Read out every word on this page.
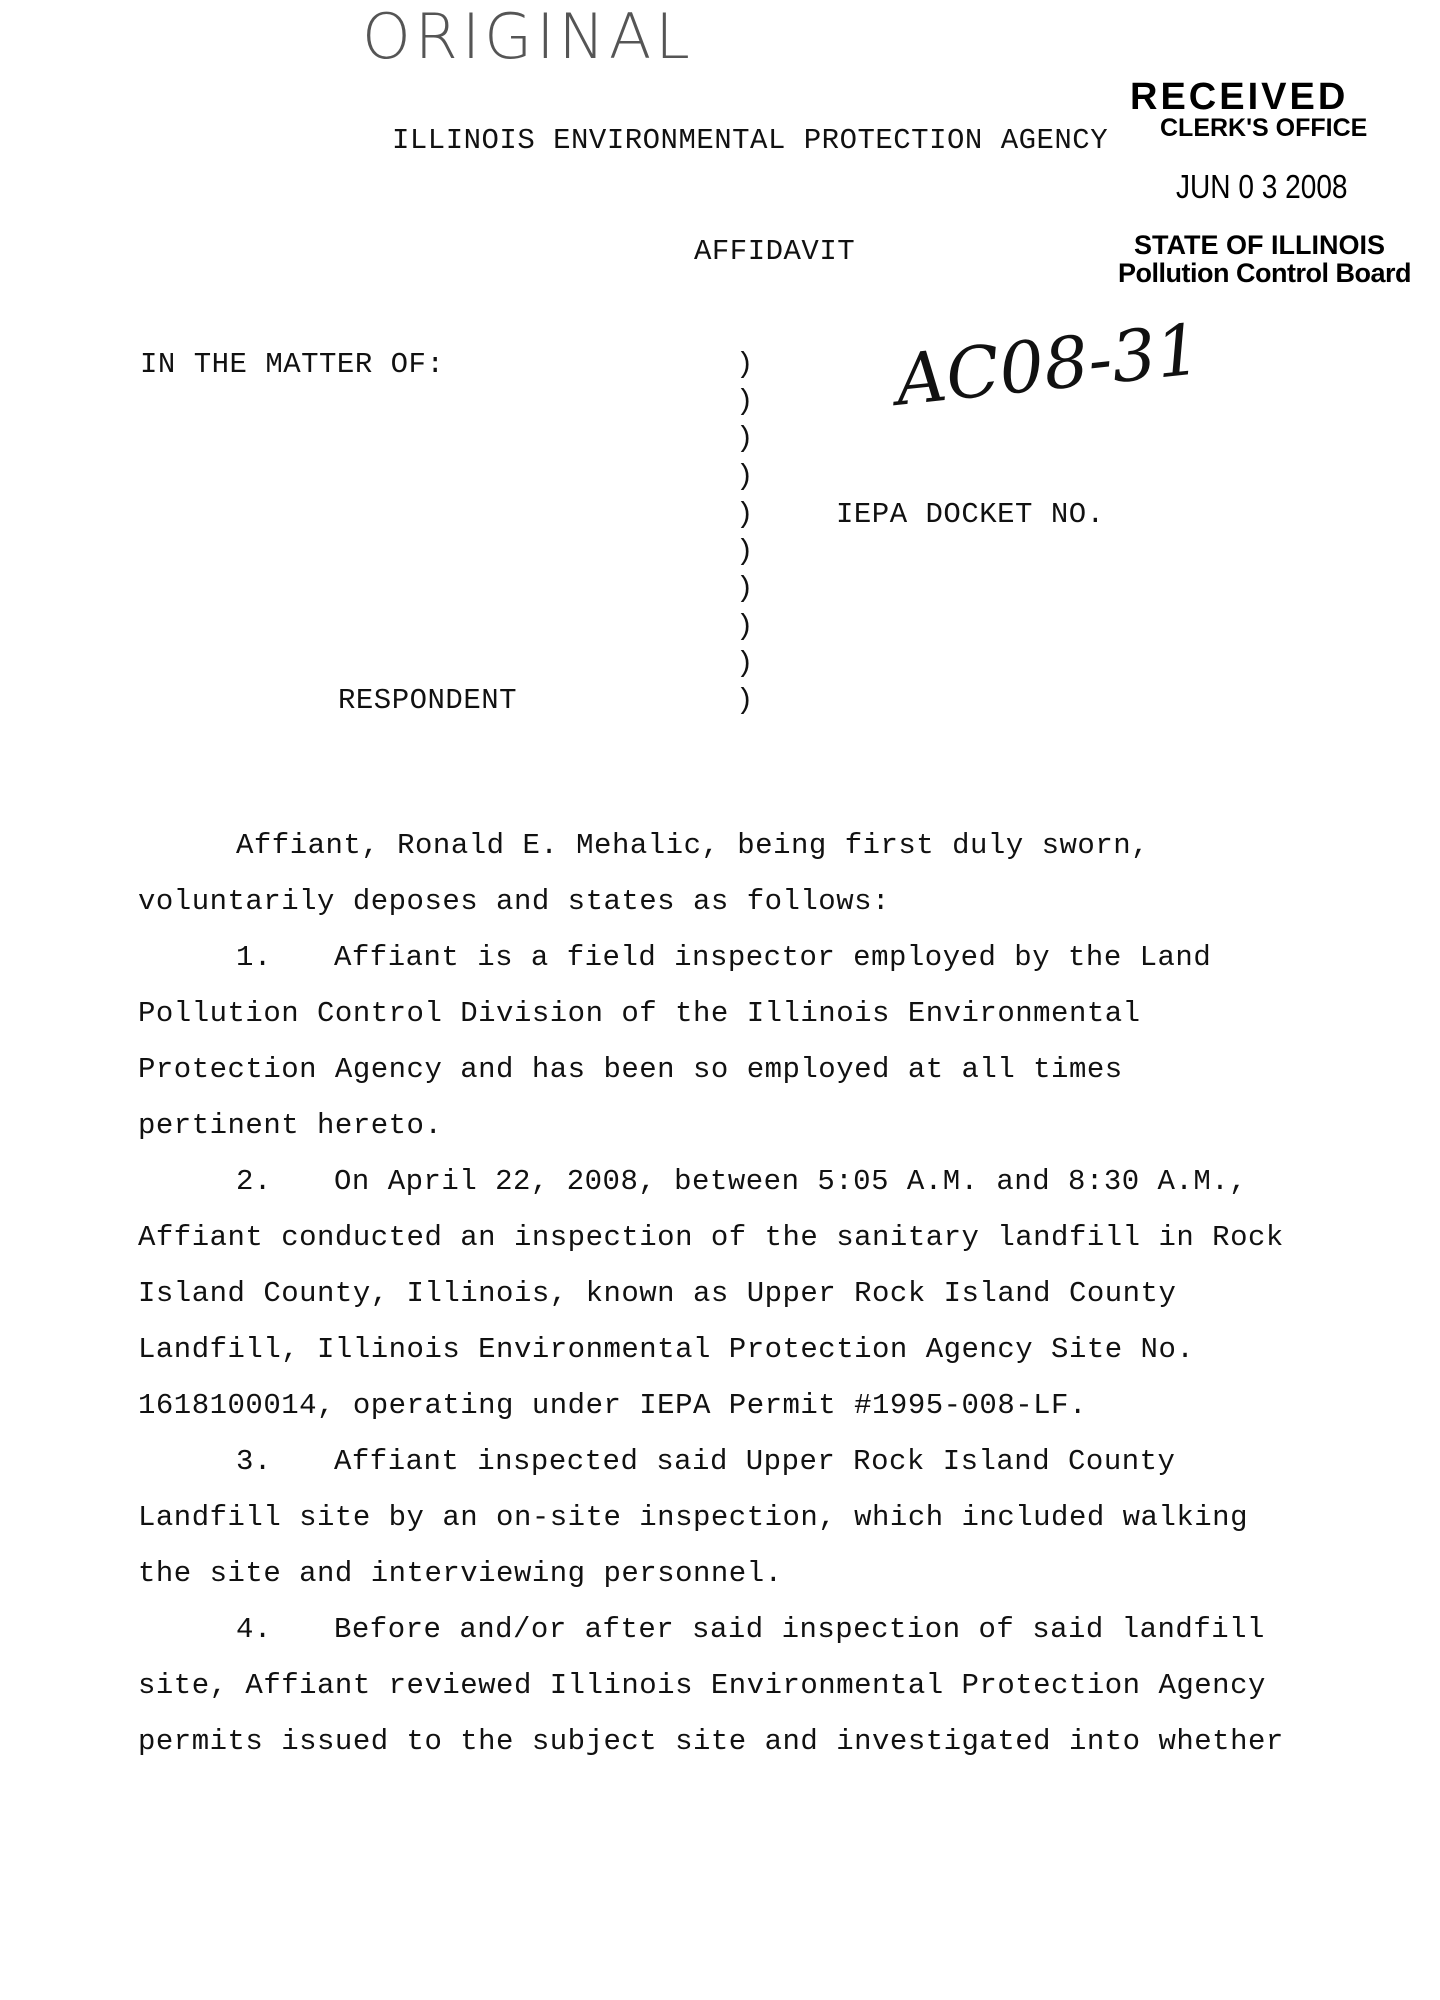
ORIGINAL
RECEIVED
CLERK'S OFFICE
JUN 0 3 2008
STATE OF ILLINOIS
Pollution Control Board
AC08-31
ILLINOIS ENVIRONMENTAL PROTECTION AGENCY
AFFIDAVIT
IN THE MATTER OF:
IEPA DOCKET NO.
RESPONDENT
)
)
)
)
)
)
)
)
)
)
Affiant, Ronald E. Mehalic, being first duly sworn,
voluntarily deposes and states as follows:
1. Affiant is a field inspector employed by the Land
Pollution Control Division of the Illinois Environmental
Protection Agency and has been so employed at all times
pertinent hereto.
2. On April 22, 2008, between 5:05 A.M. and 8:30 A.M.,
Affiant conducted an inspection of the sanitary landfill in Rock
Island County, Illinois, known as Upper Rock Island County
Landfill, Illinois Environmental Protection Agency Site No.
1618100014, operating under IEPA Permit #1995-008-LF.
3. Affiant inspected said Upper Rock Island County
Landfill site by an on-site inspection, which included walking
the site and interviewing personnel.
4. Before and/or after said inspection of said landfill
site, Affiant reviewed Illinois Environmental Protection Agency
permits issued to the subject site and investigated into whether
